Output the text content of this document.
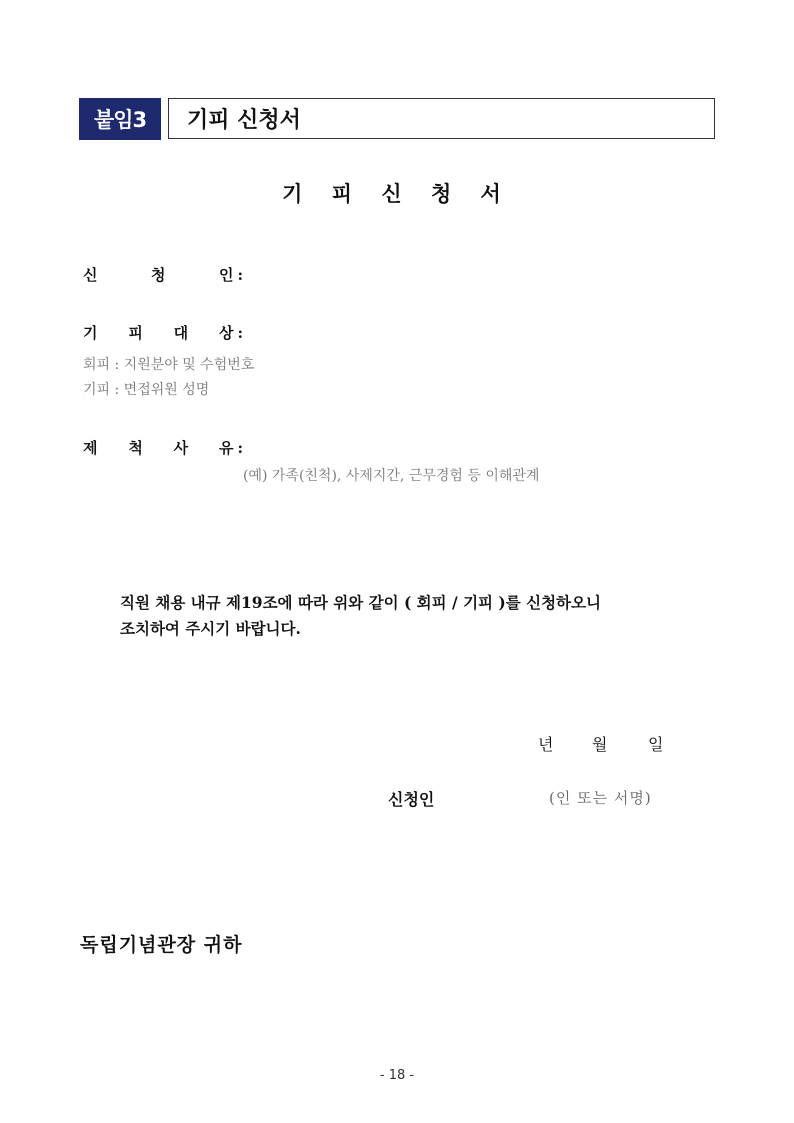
붙임3	기피 신청서
기 피 신 청 서
신	청	인 :
기 피 대 상 :
회피 : 지원분야 및 수험번호
기피 : 면접위원 성명
제 척 사 유 :
(예) 가족(친척), 사제지간, 근무경험 등 이해관계
직원 채용 내규 제19조에 따라 위와 같이 ( 회피 / 기피 )를 신청하오니
조치하여 주시기 바랍니다.
년 월	일
신청인	(인 또는 서명)
독립기념관장 귀하
- 18 -
